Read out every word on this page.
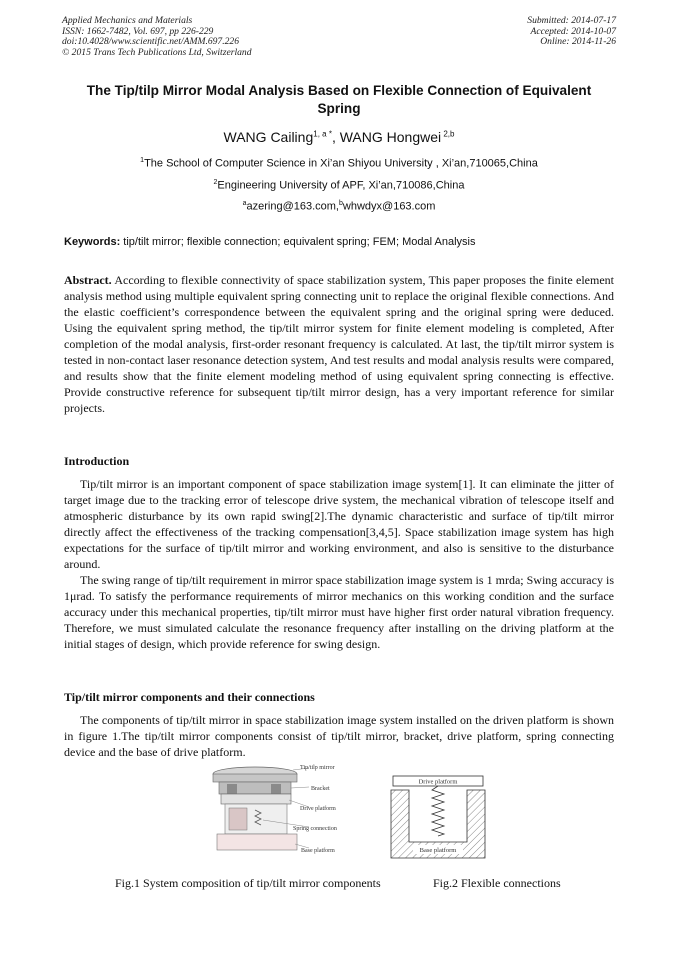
Applied Mechanics and Materials
ISSN: 1662-7482, Vol. 697, pp 226-229
doi:10.4028/www.scientific.net/AMM.697.226
© 2015 Trans Tech Publications Ltd, Switzerland
Submitted: 2014-07-17
Accepted: 2014-10-07
Online: 2014-11-26
The Tip/tilp Mirror Modal Analysis Based on Flexible Connection of Equivalent Spring
WANG Cailing$^{1, a *}$, WANG Hongwei $^{2,b}$
$^1$The School of Computer Science in Xi’an Shiyou University , Xi’an,710065,China
$^2$Engineering University of APF, Xi’an,710086,China
$^a$azering@163.com,$^b$whwdyx@163.com
Keywords: tip/tilt mirror; flexible connection; equivalent spring; FEM; Modal Analysis

Abstract. According to flexible connectivity of space stabilization system, This paper proposes the finite element analysis method using multiple equivalent spring connecting unit to replace the original flexible connections. And the elastic coefficient’s correspondence between the equivalent spring and the original spring were deduced. Using the equivalent spring method, the tip/tilt mirror system for finite element modeling is completed, After completion of the modal analysis, first-order resonant frequency is calculated. At last, the tip/tilt mirror system is tested in non-contact laser resonance detection system, And test results and modal analysis results were compared, and results show that the finite element modeling method of using equivalent spring connecting is effective. Provide constructive reference for subsequent tip/tilt mirror design, has a very important reference for similar projects.

Introduction

Tip/tilt mirror is an important component of space stabilization image system[1]. It can eliminate the jitter of target image due to the tracking error of telescope drive system, the mechanical vibration of telescope itself and atmospheric disturbance by its own rapid swing[2].The dynamic characteristic and surface of tip/tilt mirror directly affect the effectiveness of the tracking compensation[3,4,5]. Space stabilization image system has high expectations for the surface of tip/tilt mirror and working environment, and also is sensitive to the disturbance around.

The swing range of tip/tilt requirement in mirror space stabilization image system is 1 mrda; Swing accuracy is 1μrad. To satisfy the performance requirements of mirror mechanics on this working condition and the surface accuracy under this mechanical properties, tip/tilt mirror must have higher first order natural vibration frequency. Therefore, we must simulated calculate the resonance frequency after installing on the driving platform at the initial stages of design, which provide reference for swing design.

Tip/tilt mirror components and their connections

The components of tip/tilt mirror in space stabilization image system installed on the driven platform is shown in figure 1.The tip/tilt mirror components consist of tip/tilt mirror, bracket, drive platform, spring connecting device and the base of drive platform.

Tip/tilp mirror
Bracket
Drive platform
Spring connection
Base platform
Drive platform
Base platform
Fig.1 System composition of tip/tilt mirror components	Fig.2 Flexible connections
